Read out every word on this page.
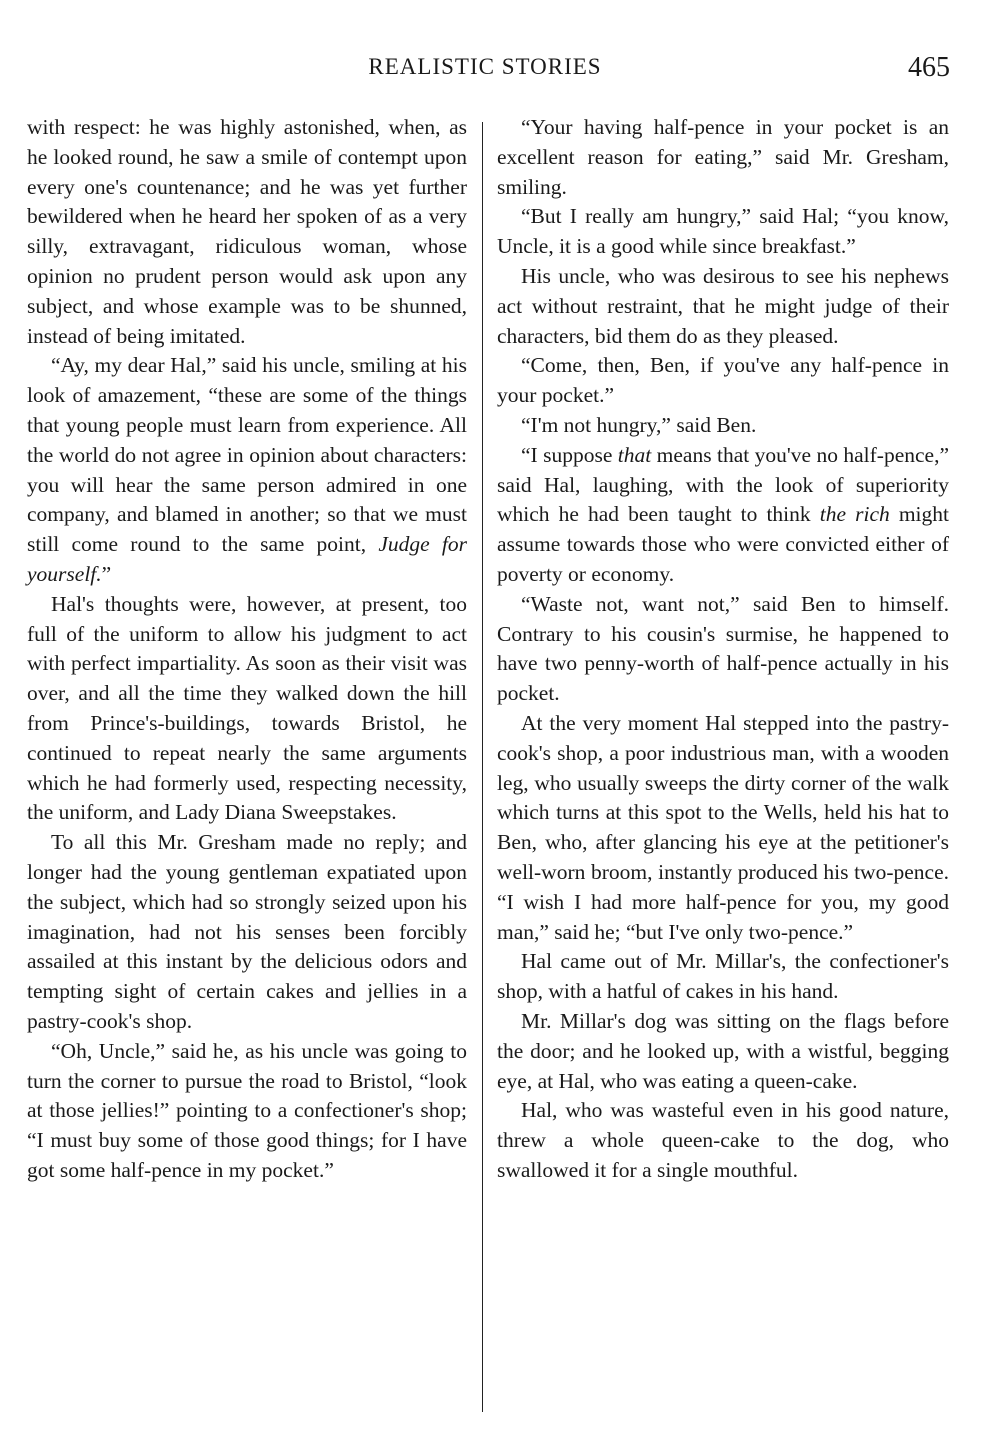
REALISTIC STORIES	465

with respect: he was highly astonished, when, as he looked round, he saw a smile of contempt upon every one's countenance; and he was yet further bewildered when he heard her spoken of as a very silly, extravagant, ridiculous woman, whose opinion no prudent person would ask upon any subject, and whose example was to be shunned, instead of being imitated.

“Ay, my dear Hal,” said his uncle, smiling at his look of amazement, “these are some of the things that young people must learn from experience. All the world do not agree in opinion about characters: you will hear the same person admired in one company, and blamed in another; so that we must still come round to the same point, Judge for yourself.”

Hal's thoughts were, however, at present, too full of the uniform to allow his judgment to act with perfect impartiality. As soon as their visit was over, and all the time they walked down the hill from Prince's-buildings, towards Bristol, he continued to repeat nearly the same arguments which he had formerly used, respecting necessity, the uniform, and Lady Diana Sweepstakes.

To all this Mr. Gresham made no reply; and longer had the young gentleman expatiated upon the subject, which had so strongly seized upon his imagination, had not his senses been forcibly assailed at this instant by the delicious odors and tempting sight of certain cakes and jellies in a pastry-cook's shop.

“Oh, Uncle,” said he, as his uncle was going to turn the corner to pursue the road to Bristol, “look at those jellies!” pointing to a confectioner's shop; “I must buy some of those good things; for I have got some half-pence in my pocket.”

“Your having half-pence in your pocket is an excellent reason for eating,” said Mr. Gresham, smiling.

“But I really am hungry,” said Hal; “you know, Uncle, it is a good while since breakfast.”

His uncle, who was desirous to see his nephews act without restraint, that he might judge of their characters, bid them do as they pleased.

“Come, then, Ben, if you've any half-pence in your pocket.”

“I'm not hungry,” said Ben.

“I suppose that means that you've no half-pence,” said Hal, laughing, with the look of superiority which he had been taught to think the rich might assume towards those who were convicted either of poverty or economy.

“Waste not, want not,” said Ben to himself. Contrary to his cousin's surmise, he happened to have two penny-worth of half-pence actually in his pocket.

At the very moment Hal stepped into the pastry-cook's shop, a poor industrious man, with a wooden leg, who usually sweeps the dirty corner of the walk which turns at this spot to the Wells, held his hat to Ben, who, after glancing his eye at the petitioner's well-worn broom, instantly produced his two-pence. “I wish I had more half-pence for you, my good man,” said he; “but I've only two-pence.”

Hal came out of Mr. Millar's, the confectioner's shop, with a hatful of cakes in his hand.

Mr. Millar's dog was sitting on the flags before the door; and he looked up, with a wistful, begging eye, at Hal, who was eating a queen-cake.

Hal, who was wasteful even in his good nature, threw a whole queen-cake to the dog, who swallowed it for a single mouthful.
